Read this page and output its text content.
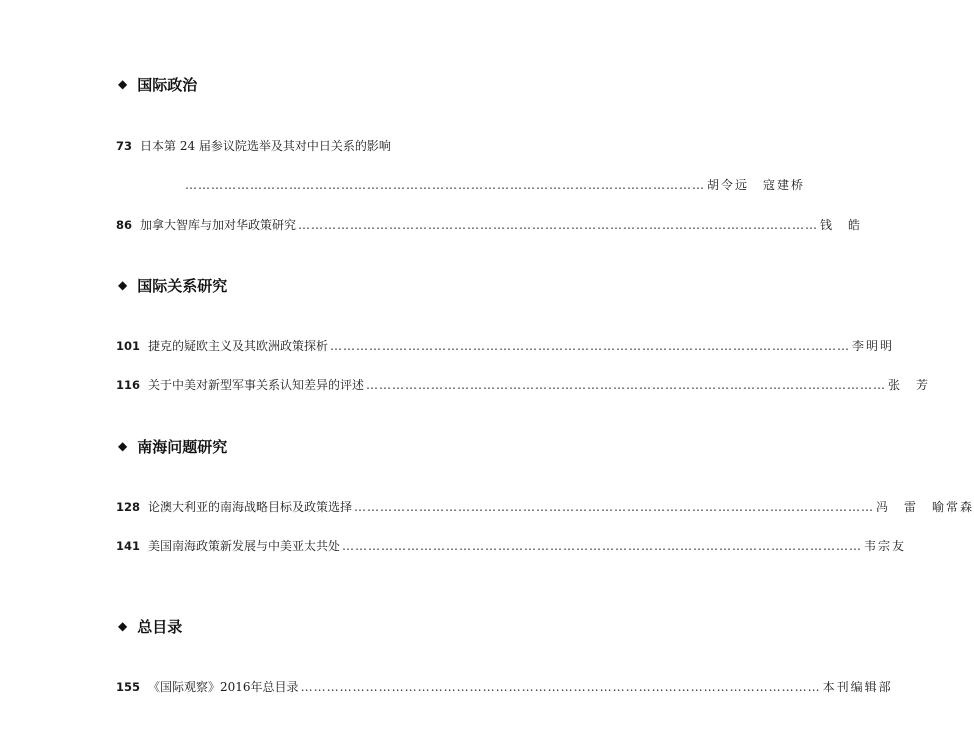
◆ 国际政治
73 日本第 24 届参议院选举及其对中日关系的影响
………………………………………………………………………………………………………… 胡令远　寇建桥
86 加拿大智库与加对华政策研究 ………………………………………………………………………………………………………… 钱　皓
◆ 国际关系研究
101 捷克的疑欧主义及其欧洲政策探析 ………………………………………………………………………………………………………… 李明明
116 关于中美对新型军事关系认知差异的评述 ………………………………………………………………………………………………………… 张　芳
◆ 南海问题研究
128 论澳大利亚的南海战略目标及政策选择 ………………………………………………………………………………………………………… 冯　雷　喻常森
141 美国南海政策新发展与中美亚太共处 ………………………………………………………………………………………………………… 韦宗友
◆ 总目录
155 《国际观察》2016年总目录 ………………………………………………………………………………………………………… 本刊编辑部
